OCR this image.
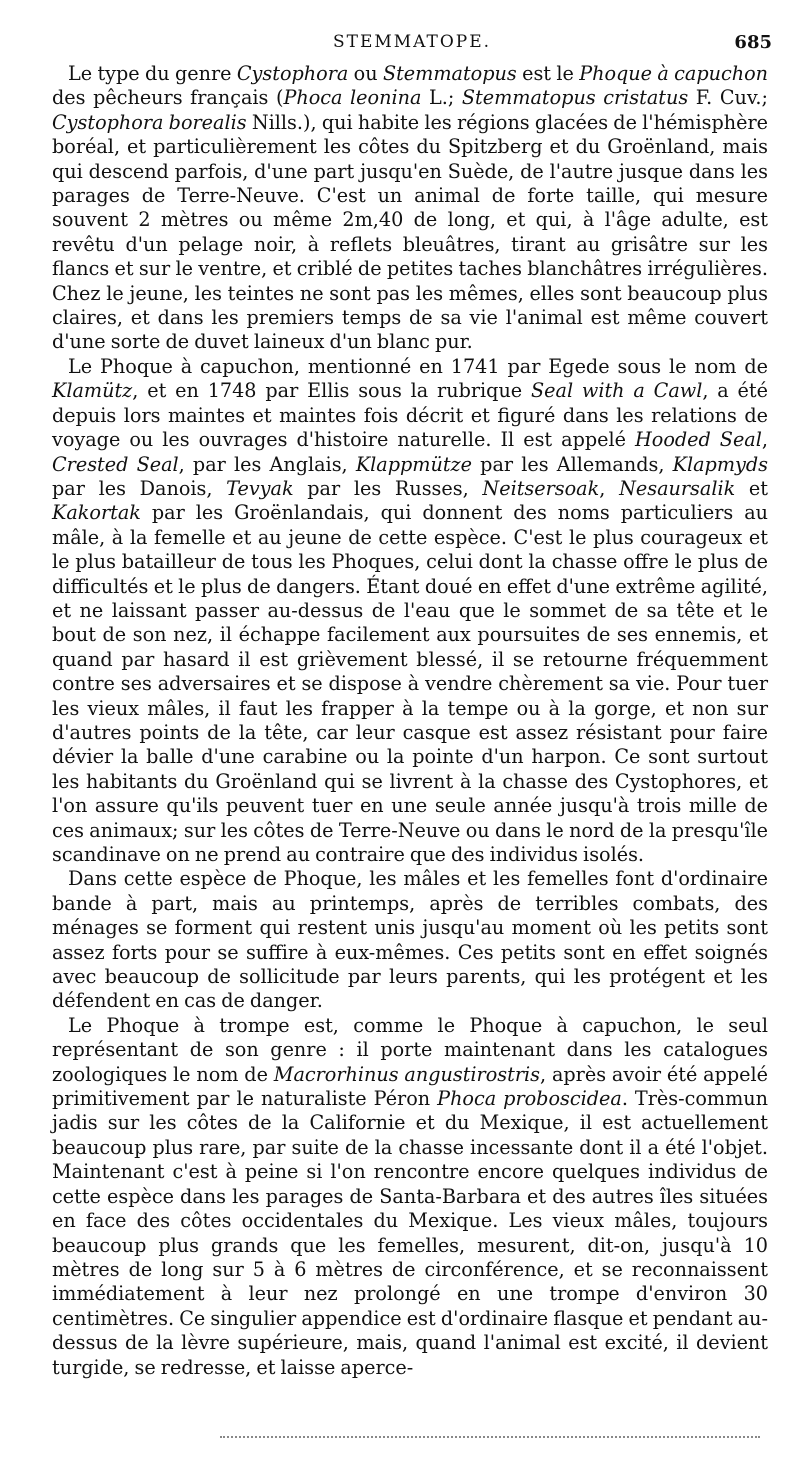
STEMMATOPE.	685

Le type du genre Cystophora ou Stemmatopus est le Phoque à capuchon des pêcheurs français (Phoca leonina L.; Stemmatopus cristatus F. Cuv.; Cystophora borealis Nills.), qui habite les régions glacées de l'hémisphère boréal, et particulièrement les côtes du Spitzberg et du Groënland, mais qui descend parfois, d'une part jusqu'en Suède, de l'autre jusque dans les parages de Terre-Neuve. C'est un animal de forte taille, qui mesure souvent 2 mètres ou même 2m,40 de long, et qui, à l'âge adulte, est revêtu d'un pelage noir, à reflets bleuâtres, tirant au grisâtre sur les flancs et sur le ventre, et criblé de petites taches blanchâtres irrégulières. Chez le jeune, les teintes ne sont pas les mêmes, elles sont beaucoup plus claires, et dans les premiers temps de sa vie l'animal est même couvert d'une sorte de duvet laineux d'un blanc pur.

Le Phoque à capuchon, mentionné en 1741 par Egede sous le nom de Klamütz, et en 1748 par Ellis sous la rubrique Seal with a Cawl, a été depuis lors maintes et maintes fois décrit et figuré dans les relations de voyage ou les ouvrages d'histoire naturelle. Il est appelé Hooded Seal, Crested Seal, par les Anglais, Klappmütze par les Allemands, Klapmyds par les Danois, Tevyak par les Russes, Neitsersoak, Nesaursalik et Kakortak par les Groënlandais, qui donnent des noms particuliers au mâle, à la femelle et au jeune de cette espèce. C'est le plus courageux et le plus batailleur de tous les Phoques, celui dont la chasse offre le plus de difficultés et le plus de dangers. Étant doué en effet d'une extrême agilité, et ne laissant passer au-dessus de l'eau que le sommet de sa tête et le bout de son nez, il échappe facilement aux poursuites de ses ennemis, et quand par hasard il est grièvement blessé, il se retourne fréquemment contre ses adversaires et se dispose à vendre chèrement sa vie. Pour tuer les vieux mâles, il faut les frapper à la tempe ou à la gorge, et non sur d'autres points de la tête, car leur casque est assez résistant pour faire dévier la balle d'une carabine ou la pointe d'un harpon. Ce sont surtout les habitants du Groënland qui se livrent à la chasse des Cystophores, et l'on assure qu'ils peuvent tuer en une seule année jusqu'à trois mille de ces animaux; sur les côtes de Terre-Neuve ou dans le nord de la presqu'île scandinave on ne prend au contraire que des individus isolés.

Dans cette espèce de Phoque, les mâles et les femelles font d'ordinaire bande à part, mais au printemps, après de terribles combats, des ménages se forment qui restent unis jusqu'au moment où les petits sont assez forts pour se suffire à eux-mêmes. Ces petits sont en effet soignés avec beaucoup de sollicitude par leurs parents, qui les protégent et les défendent en cas de danger.

Le Phoque à trompe est, comme le Phoque à capuchon, le seul représentant de son genre : il porte maintenant dans les catalogues zoologiques le nom de Macrorhinus angustirostris, après avoir été appelé primitivement par le naturaliste Péron Phoca proboscidea. Très-commun jadis sur les côtes de la Californie et du Mexique, il est actuellement beaucoup plus rare, par suite de la chasse incessante dont il a été l'objet. Maintenant c'est à peine si l'on rencontre encore quelques individus de cette espèce dans les parages de Santa-Barbara et des autres îles situées en face des côtes occidentales du Mexique. Les vieux mâles, toujours beaucoup plus grands que les femelles, mesurent, dit-on, jusqu'à 10 mètres de long sur 5 à 6 mètres de circonférence, et se reconnaissent immédiatement à leur nez prolongé en une trompe d'environ 30 centimètres. Ce singulier appendice est d'ordinaire flasque et pendant au-dessus de la lèvre supérieure, mais, quand l'animal est excité, il devient turgide, se redresse, et laisse aperce-
